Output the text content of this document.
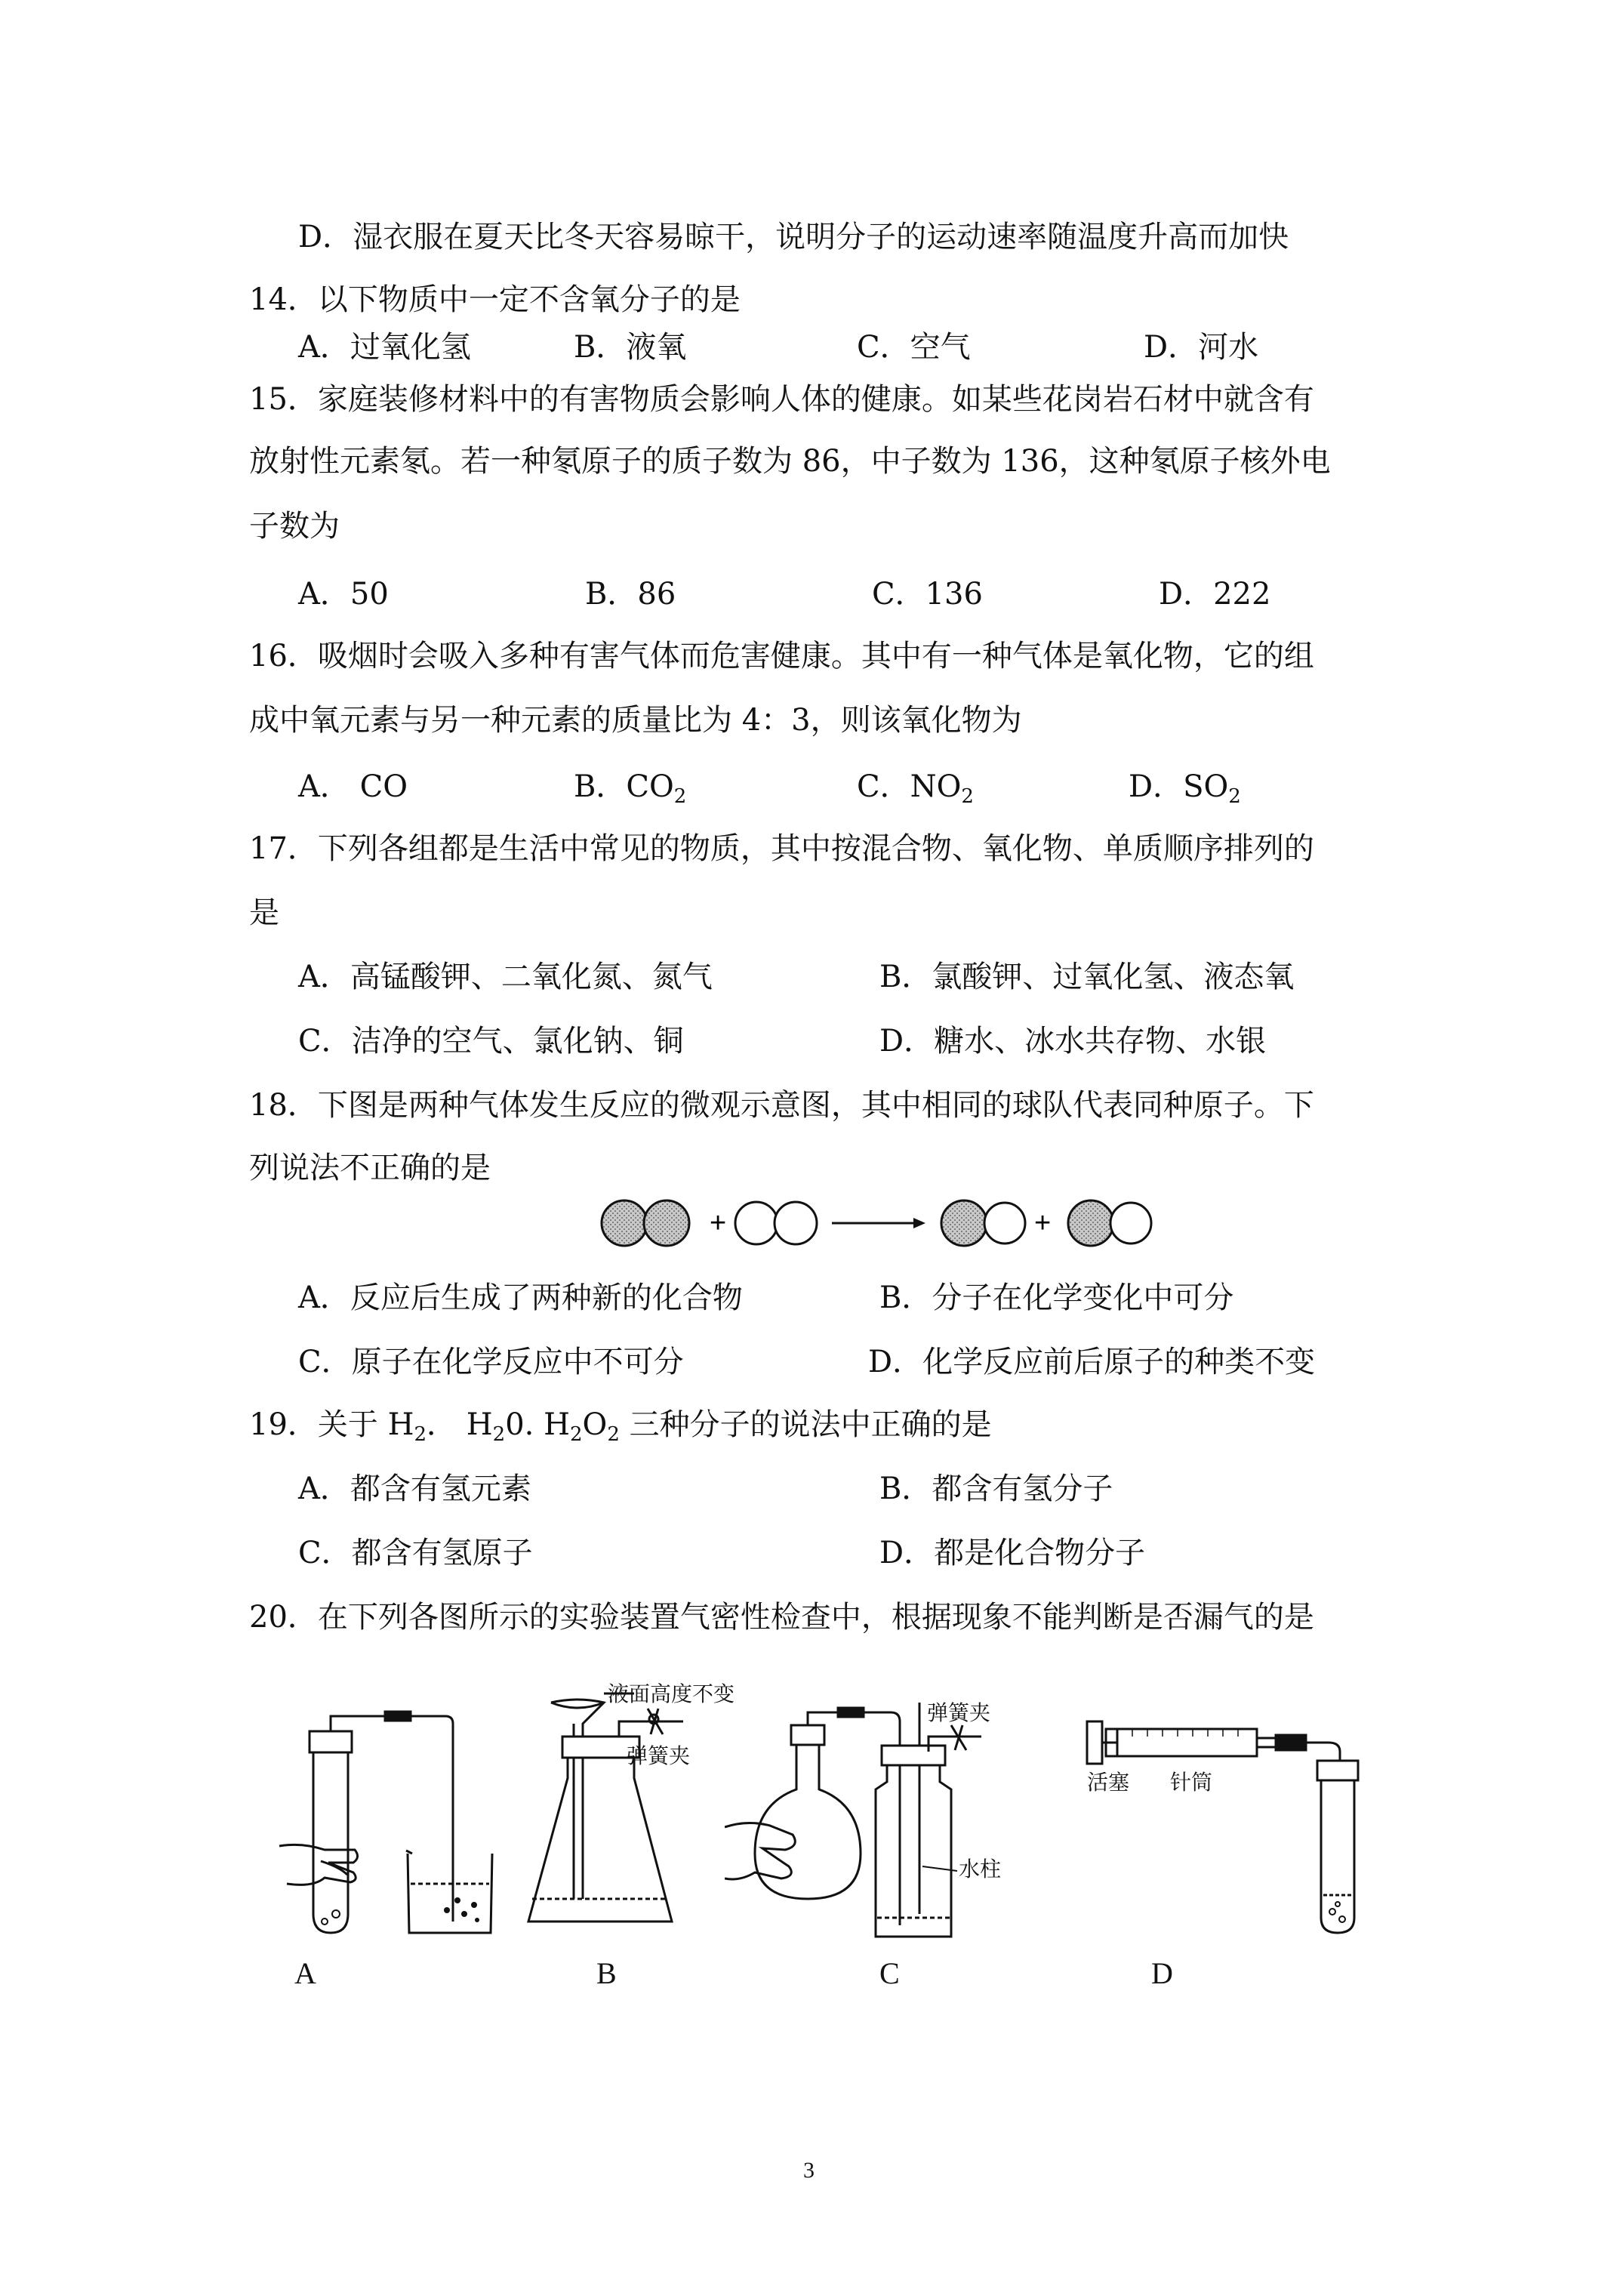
D．湿衣服在夏天比冬天容易晾干，说明分子的运动速率随温度升高而加快
14．以下物质中一定不含氧分子的是
A．过氧化氢	B．液氧	C．空气	D．河水
15．家庭装修材料中的有害物质会影响人体的健康。如某些花岗岩石材中就含有
放射性元素氡。若一种氡原子的质子数为 86，中子数为 136，这种氡原子核外电
子数为
A．50	B．86	C．136	D．222
16．吸烟时会吸入多种有害气体而危害健康。其中有一种气体是氧化物，它的组
成中氧元素与另一种元素的质量比为 4：3，则该氧化物为
A． CO	B．$CO_2$	C．$NO_2$	D．$SO_2$
17．下列各组都是生活中常见的物质，其中按混合物、氧化物、单质顺序排列的
是
A．高锰酸钾、二氧化氮、氮气	B．氯酸钾、过氧化氢、液态氧
C．洁净的空气、氯化钠、铜	D．糖水、冰水共存物、水银
18．下图是两种气体发生反应的微观示意图，其中相同的球队代表同种原子。下
列说法不正确的是
+	+
A．反应后生成了两种新的化合物	B．分子在化学变化中可分
C．原子在化学反应中不可分	D．化学反应前后原子的种类不变
19．关于 $H_2$． $H_20$. $H_2O_2$ 三种分子的说法中正确的是
A．都含有氢元素	B．都含有氢分子
C．都含有氢原子	D．都是化合物分子
20．在下列各图所示的实验装置气密性检查中，根据现象不能判断是否漏气的是
液面高度不变
弹簧夹
弹簧夹
水柱
活塞 针筒
A	B	C	D
3
